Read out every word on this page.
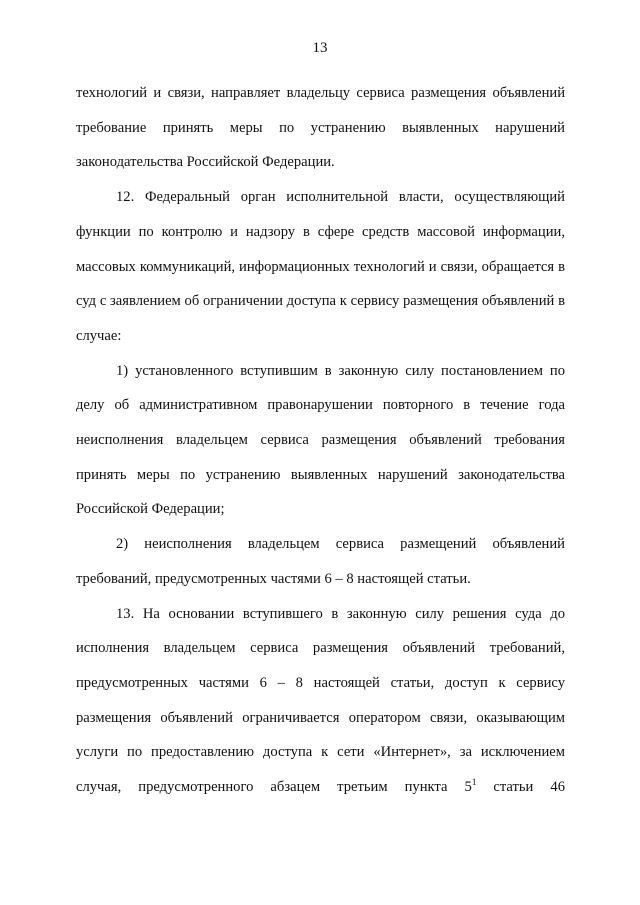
13

технологий и связи, направляет владельцу сервиса размещения объявлений требование принять меры по устранению выявленных нарушений законодательства Российской Федерации.

12. Федеральный орган исполнительной власти, осуществляющий функции по контролю и надзору в сфере средств массовой информации, массовых коммуникаций, информационных технологий и связи, обращается в суд с заявлением об ограничении доступа к сервису размещения объявлений в случае:

1) установленного вступившим в законную силу постановлением по делу об административном правонарушении повторного в течение года неисполнения владельцем сервиса размещения объявлений требования принять меры по устранению выявленных нарушений законодательства Российской Федерации;

2) неисполнения владельцем сервиса размещений объявлений требований, предусмотренных частями 6 – 8 настоящей статьи.

13. На основании вступившего в законную силу решения суда до исполнения владельцем сервиса размещения объявлений требований, предусмотренных частями 6 – 8 настоящей статьи, доступ к сервису размещения объявлений ограничивается оператором связи, оказывающим услуги по предоставлению доступа к сети «Интернет», за исключением случая, предусмотренного абзацем третьим пункта $5^1$ статьи 46
